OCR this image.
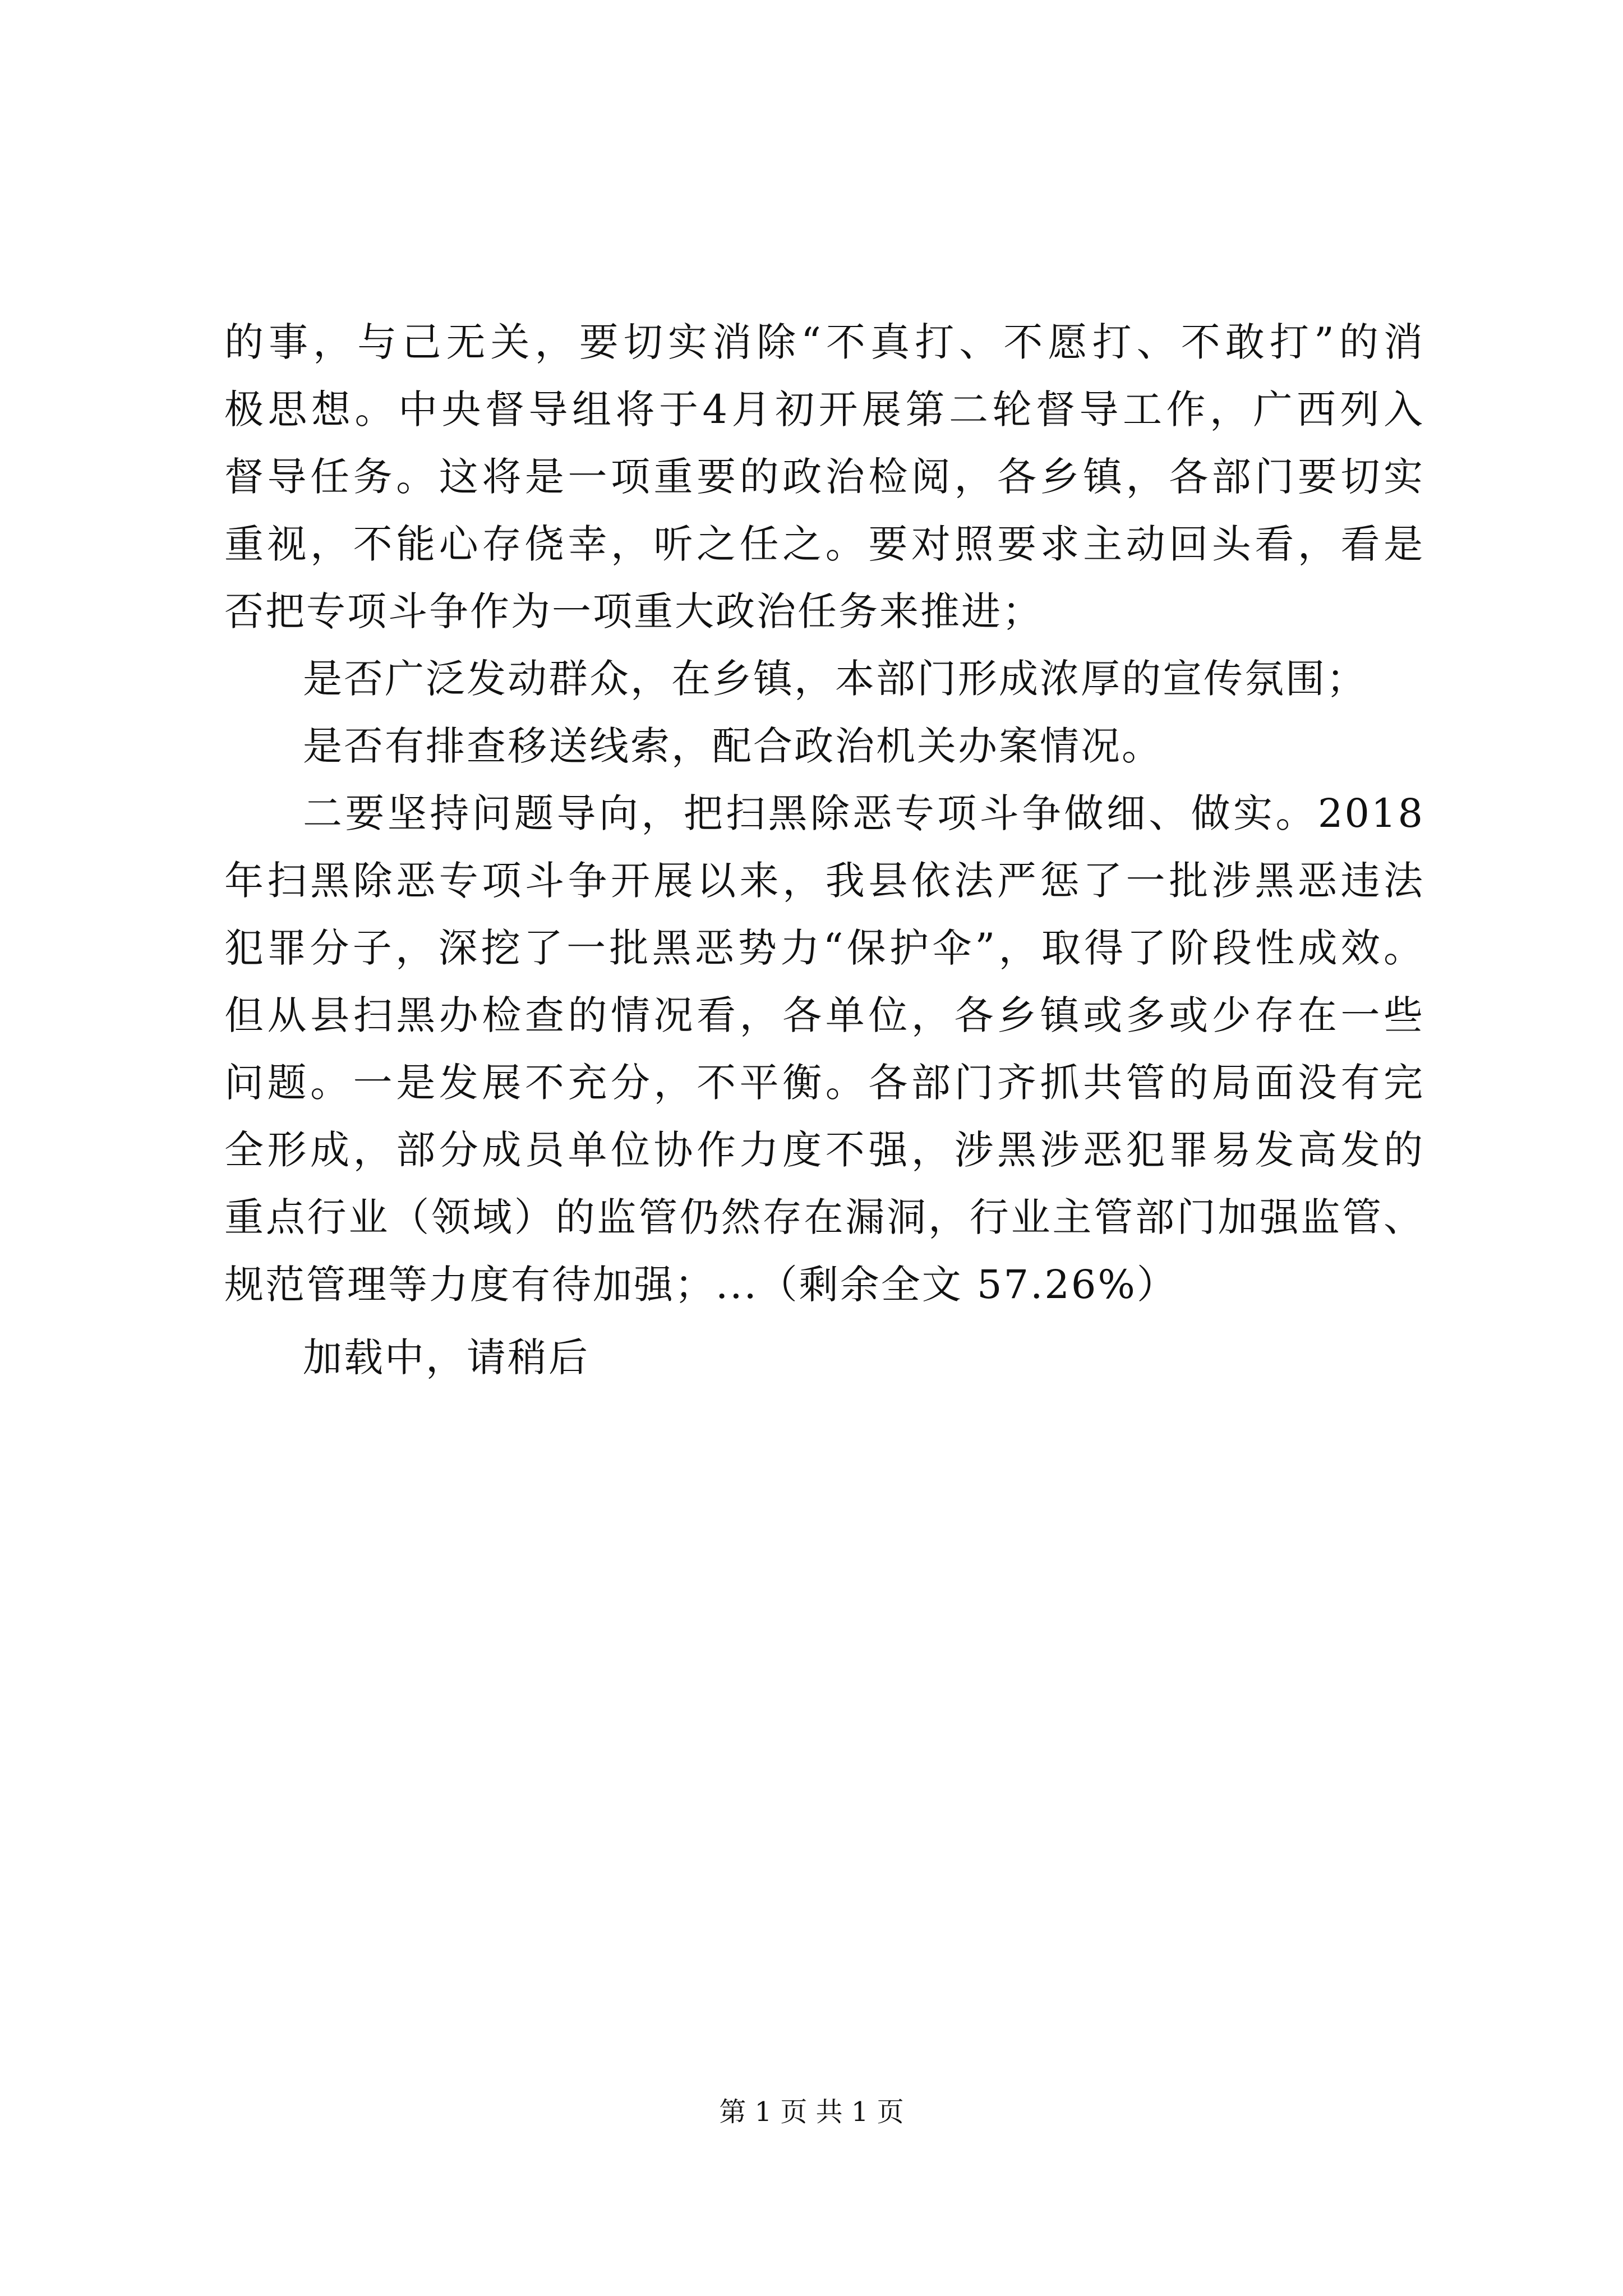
的事，与己无关，要切实消除“不真打、不愿打、不敢打”的消
极思想。中央督导组将于4月初开展第二轮督导工作，广西列入
督导任务。这将是一项重要的政治检阅，各乡镇，各部门要切实
重视，不能心存侥幸，听之任之。要对照要求主动回头看，看是
否把专项斗争作为一项重大政治任务来推进；
是否广泛发动群众，在乡镇，本部门形成浓厚的宣传氛围；
是否有排查移送线索，配合政治机关办案情况。
二要坚持问题导向，把扫黑除恶专项斗争做细、做实。2018
年扫黑除恶专项斗争开展以来，我县依法严惩了一批涉黑恶违法
犯罪分子，深挖了一批黑恶势力“保护伞”，取得了阶段性成效。
但从县扫黑办检查的情况看，各单位，各乡镇或多或少存在一些
问题。一是发展不充分，不平衡。各部门齐抓共管的局面没有完
全形成，部分成员单位协作力度不强，涉黑涉恶犯罪易发高发的
重点行业（领域）的监管仍然存在漏洞，行业主管部门加强监管、
规范管理等力度有待加强；...（剩余全文 57.26%）
加载中，请稍后
第 1 页 共 1 页
